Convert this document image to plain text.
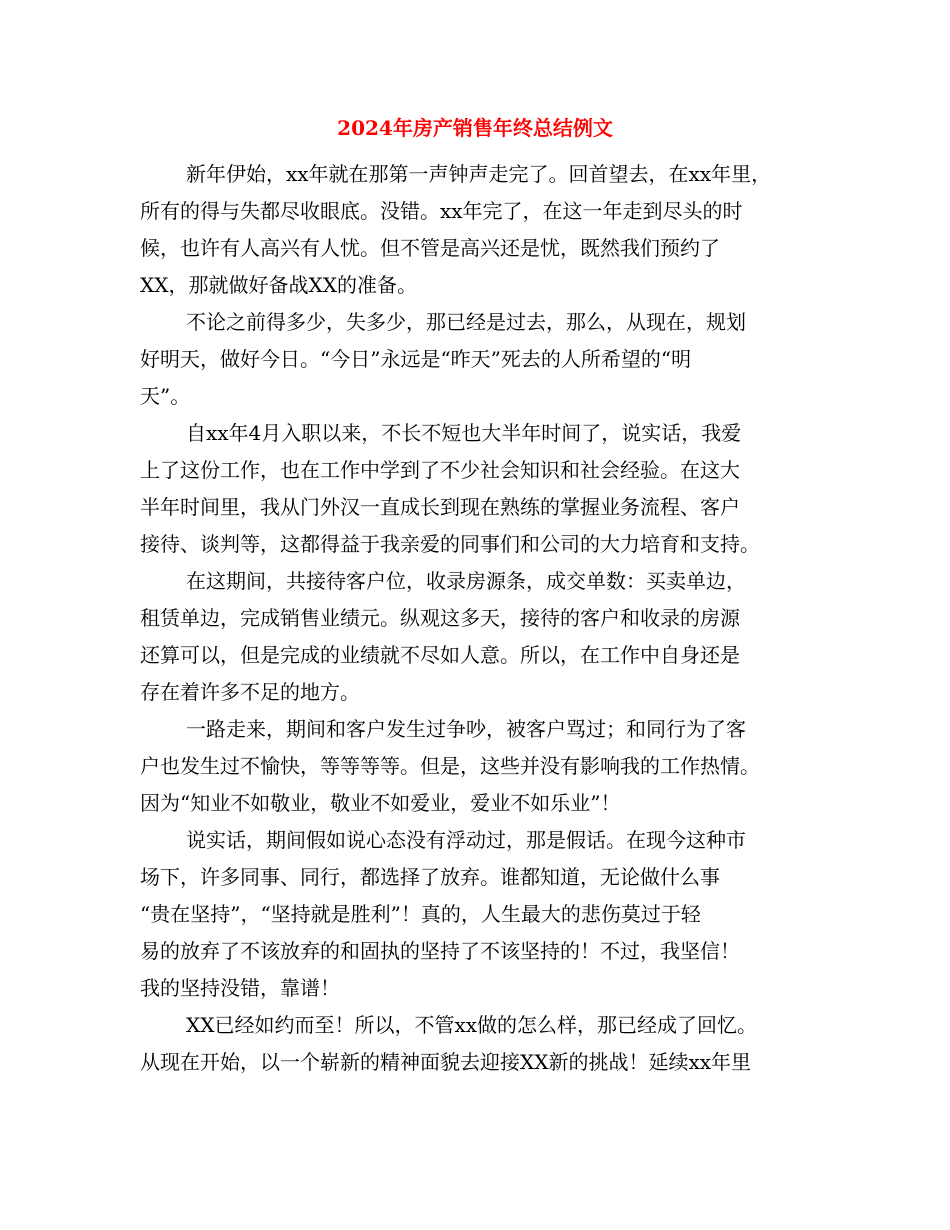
2024年房产销售年终总结例文
新年伊始，xx年就在那第一声钟声走完了。回首望去，在xx年里，
所有的得与失都尽收眼底。没错。xx年完了，在这一年走到尽头的时
候，也许有人高兴有人忧。但不管是高兴还是忧，既然我们预约了
XX，那就做好备战XX的准备。
不论之前得多少，失多少，那已经是过去，那么，从现在，规划
好明天，做好今日。“今日”永远是“昨天”死去的人所希望的“明
天”。
自xx年4月入职以来，不长不短也大半年时间了，说实话，我爱
上了这份工作，也在工作中学到了不少社会知识和社会经验。在这大
半年时间里，我从门外汉一直成长到现在熟练的掌握业务流程、客户
接待、谈判等，这都得益于我亲爱的同事们和公司的大力培育和支持。
在这期间，共接待客户位，收录房源条，成交单数：买卖单边，
租赁单边，完成销售业绩元。纵观这多天，接待的客户和收录的房源
还算可以，但是完成的业绩就不尽如人意。所以，在工作中自身还是
存在着许多不足的地方。
一路走来，期间和客户发生过争吵，被客户骂过；和同行为了客
户也发生过不愉快，等等等等。但是，这些并没有影响我的工作热情。
因为“知业不如敬业，敬业不如爱业，爱业不如乐业”！
说实话，期间假如说心态没有浮动过，那是假话。在现今这种市
场下，许多同事、同行，都选择了放弃。谁都知道，无论做什么事
“贵在坚持”，“坚持就是胜利”！真的，人生最大的悲伤莫过于轻
易的放弃了不该放弃的和固执的坚持了不该坚持的！不过，我坚信！
我的坚持没错，靠谱！
XX已经如约而至！所以，不管xx做的怎么样，那已经成了回忆。
从现在开始，以一个崭新的精神面貌去迎接XX新的挑战！延续xx年里
